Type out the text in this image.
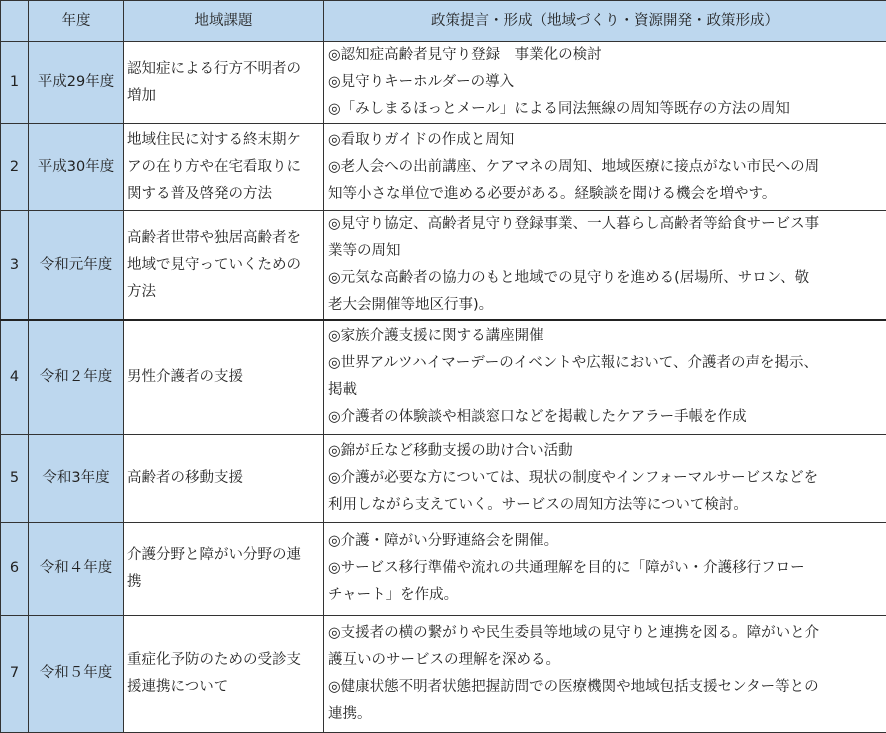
	年度	地域課題	政策提言・形成（地域づくり・資源開発・政策形成）
1	平成29年度	認知症による行方不明者の
増加	◎認知症高齢者見守り登録　事業化の検討
◎見守りキーホルダーの導入
◎「みしまるほっとメール」による同法無線の周知等既存の方法の周知

2	平成30年度	地域住民に対する終末期ケ
アの在り方や在宅看取りに
関する普及啓発の方法	◎看取りガイドの作成と周知
◎老人会への出前講座、ケアマネの周知、地域医療に接点がない市民への周
知等小さな単位で進める必要がある。経験談を聞ける機会を増やす。

3	令和元年度	高齢者世帯や独居高齢者を
地域で見守っていくための
方法	◎見守り協定、高齢者見守り登録事業、一人暮らし高齢者等給食サービス事
業等の周知
◎元気な高齢者の協力のもと地域での見守りを進める(居場所、サロン、敬
老大会開催等地区行事)。

4	令和２年度	男性介護者の支援	◎家族介護支援に関する講座開催
◎世界アルツハイマーデーのイベントや広報において、介護者の声を掲示、
掲載
◎介護者の体験談や相談窓口などを掲載したケアラー手帳を作成

5	令和3年度	高齢者の移動支援	◎錦が丘など移動支援の助け合い活動
◎介護が必要な方については、現状の制度やインフォーマルサービスなどを
利用しながら支えていく。サービスの周知方法等について検討。

6	令和４年度	介護分野と障がい分野の連
携	◎介護・障がい分野連絡会を開催。
◎サービス移行準備や流れの共通理解を目的に「障がい・介護移行フロー
チャート」を作成。

7	令和５年度	重症化予防のための受診支
援連携について	◎支援者の横の繋がりや民生委員等地域の見守りと連携を図る。障がいと介
護互いのサービスの理解を深める。
◎健康状態不明者状態把握訪問での医療機関や地域包括支援センター等との
連携。
